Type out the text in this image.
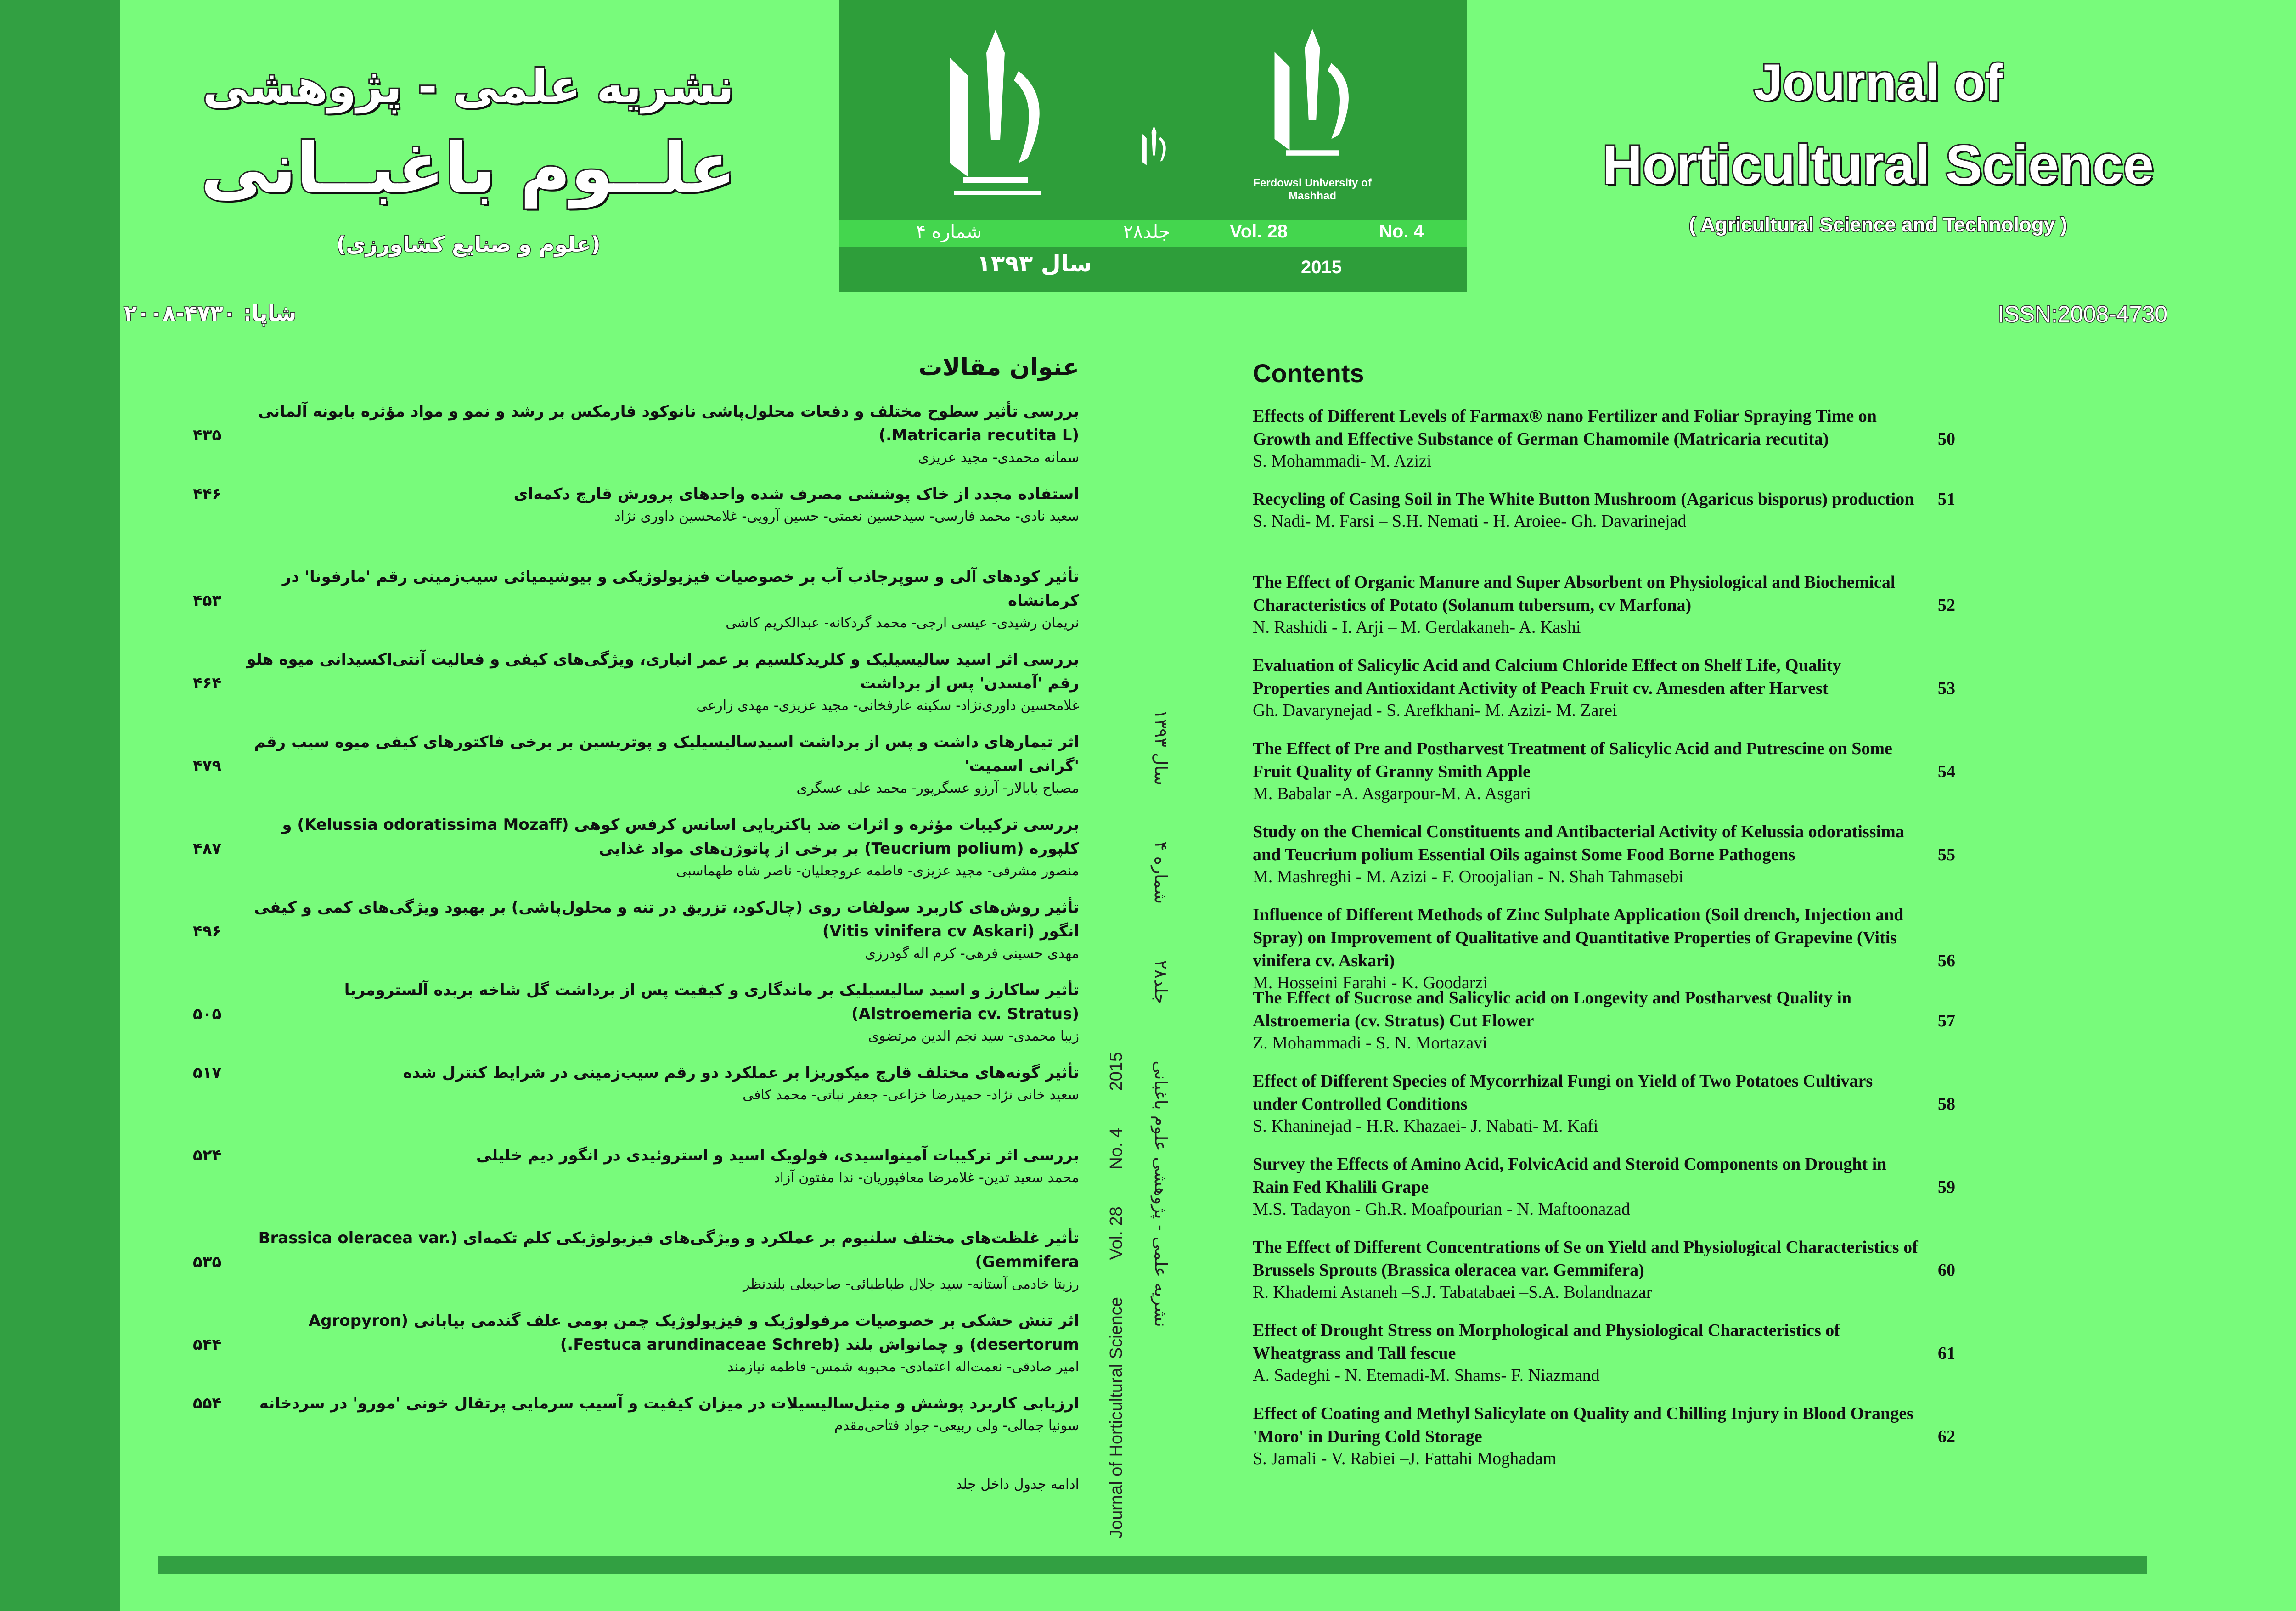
Ferdowsi University of Mashhad
شماره ۴	جلد۲۸	Vol. 28	No. 4
سال ۱۳۹۳	2015
Journal of
Horticultural Science
( Agricultural Science and Technology )
ISSN:2008-4730
نشریه علمی - پژوهشی
علــوم باغبــانی
(علوم و صنایع کشاورزی)
شاپا: ۴۷۳۰-۲۰۰۸
Journal of Horticultural Science Vol. 28 No. 4 2015	نشریه علمی - پژوهشی علوم باغبانی جلد۲۸ شماره ۴ سال ۱۳۹۳
Contents
Effects of Different Levels of Farmax® nano Fertilizer and Foliar Spraying Time on Growth and Effective Substance of German Chamomile (Matricaria recutita)	50
S. Mohammadi- M. Azizi
Recycling of Casing Soil in The White Button Mushroom (Agaricus bisporus) production	51
S. Nadi- M. Farsi – S.H. Nemati - H. Aroiee- Gh. Davarinejad
The Effect of Organic Manure and Super Absorbent on Physiological and Biochemical Characteristics of Potato (Solanum tubersum, cv Marfona)	52
N. Rashidi - I. Arji – M. Gerdakaneh- A. Kashi
Evaluation of Salicylic Acid and Calcium Chloride Effect on Shelf Life, Quality Properties and Antioxidant Activity of Peach Fruit cv. Amesden after Harvest	53
Gh. Davarynejad - S. Arefkhani- M. Azizi- M. Zarei
The Effect of Pre and Postharvest Treatment of Salicylic Acid and Putrescine on Some Fruit Quality of Granny Smith Apple	54
M. Babalar -A. Asgarpour-M. A. Asgari
Study on the Chemical Constituents and Antibacterial Activity of Kelussia odoratissima and Teucrium polium Essential Oils against Some Food Borne Pathogens	55
M. Mashreghi - M. Azizi - F. Oroojalian - N. Shah Tahmasebi
Influence of Different Methods of Zinc Sulphate Application (Soil drench, Injection and Spray) on Improvement of Qualitative and Quantitative Properties of Grapevine (Vitis vinifera cv. Askari)	56
M. Hosseini Farahi - K. Goodarzi
The Effect of Sucrose and Salicylic acid on Longevity and Postharvest Quality in Alstroemeria (cv. Stratus) Cut Flower	57
Z. Mohammadi - S. N. Mortazavi
Effect of Different Species of Mycorrhizal Fungi on Yield of Two Potatoes Cultivars under Controlled Conditions	58
S. Khaninejad - H.R. Khazaei- J. Nabati- M. Kafi
Survey the Effects of Amino Acid, FolvicAcid and Steroid Components on Drought in Rain Fed Khalili Grape	59
M.S. Tadayon - Gh.R. Moafpourian - N. Maftoonazad
The Effect of Different Concentrations of Se on Yield and Physiological Characteristics of Brussels Sprouts (Brassica oleracea var. Gemmifera)	60
R. Khademi Astaneh –S.J. Tabatabaei –S.A. Bolandnazar
Effect of Drought Stress on Morphological and Physiological Characteristics of Wheatgrass and Tall fescue	61
A. Sadeghi - N. Etemadi-M. Shams- F. Niazmand
Effect of Coating and Methyl Salicylate on Quality and Chilling Injury in Blood Oranges 'Moro' in During Cold Storage	62
S. Jamali - V. Rabiei –J. Fattahi Moghadam
عنوان مقالات
بررسی تأثیر سطوح مختلف و دفعات محلول‌پاشی نانوکود فارمکس بر رشد و نمو و مواد مؤثره بابونه آلمانی (Matricaria recutita L.)
۴۳۵
سمانه محمدی- مجید عزیزی
استفاده مجدد از خاک پوششی مصرف شده واحدهای پرورش قارچ دکمه‌ای
۴۴۶
سعید نادی- محمد فارسی- سیدحسین نعمتی- حسین آرویی- غلامحسین داوری نژاد
تأثیر کودهای آلی و سوپرجاذب آب بر خصوصیات فیزیولوژیکی و بیوشیمیائی سیب‌زمینی رقم 'مارفونا' در کرمانشاه
۴۵۳
نریمان رشیدی- عیسی ارجی- محمد گردکانه- عبدالکریم کاشی
بررسی اثر اسید سالیسیلیک و کلریدکلسیم بر عمر انباری، ویژگی‌های کیفی و فعالیت آنتی‌اکسیدانی میوه هلو رقم 'آمسدن' پس از برداشت
۴۶۴
غلامحسین داوری‌نژاد- سکینه عارفخانی- مجید عزیزی- مهدی زارعی
اثر تیمارهای داشت و پس از برداشت اسیدسالیسیلیک و پوتریسین بر برخی فاکتورهای کیفی میوه سیب رقم 'گرانی اسمیت'
۴۷۹
مصباح بابالار- آرزو عسگرپور- محمد علی عسگری
بررسی ترکیبات مؤثره و اثرات ضد باکتریایی اسانس کرفس کوهی (Kelussia odoratissima Mozaff) و کلپوره (Teucrium polium) بر برخی از پاتوژن‌های مواد غذایی
۴۸۷
منصور مشرقی- مجید عزیزی- فاطمه عروجعلیان- ناصر شاه طهماسبی
تأثیر روش‌های کاربرد سولفات روی (چال‌کود، تزریق در تنه و محلول‌پاشی) بر بهبود ویژگی‌های کمی و کیفی انگور (Vitis vinifera cv Askari)
۴۹۶
مهدی حسینی فرهی- کرم اله گودرزی
تأثیر ساکارز و اسید سالیسیلیک بر ماندگاری و کیفیت پس از برداشت گل شاخه بریده آلسترومریا (Alstroemeria cv. Stratus)
۵۰۵
زیبا محمدی- سید نجم الدین مرتضوی
تأثیر گونه‌های مختلف قارچ میکوریزا بر عملکرد دو رقم سیب‌زمینی در شرایط کنترل شده
۵۱۷
سعید خانی نژاد- حمیدرضا خزاعی- جعفر نباتی- محمد کافی
بررسی اثر ترکیبات آمینواسیدی، فولویک اسید و استروئیدی در انگور دیم خلیلی
۵۲۴
محمد سعید تدین- غلامرضا معافپوریان- ندا مفتون آزاد
تأثیر غلظت‌های مختلف سلنیوم بر عملکرد و ویژگی‌های فیزیولوژیکی کلم تکمه‌ای (Brassica oleracea var. Gemmifera)
۵۳۵
رزیتا خادمی آستانه- سید جلال طباطبائی- صاحبعلی بلندنظر
اثر تنش خشکی بر خصوصیات مرفولوژیک و فیزیولوژیک چمن بومی علف گندمی بیابانی (Agropyron desertorum) و چمانواش بلند (Festuca arundinaceae Schreb.)
۵۴۴
امیر صادقی- نعمت‌اله اعتمادی- محبوبه شمس- فاطمه نیازمند
ارزیابی کاربرد پوشش و متیل‌سالیسیلات در میزان کیفیت و آسیب سرمایی پرتقال خونی 'مورو' در سردخانه
۵۵۴
سونیا جمالی- ولی ربیعی- جواد فتاحی‌مقدم
ادامه جدول داخل جلد
